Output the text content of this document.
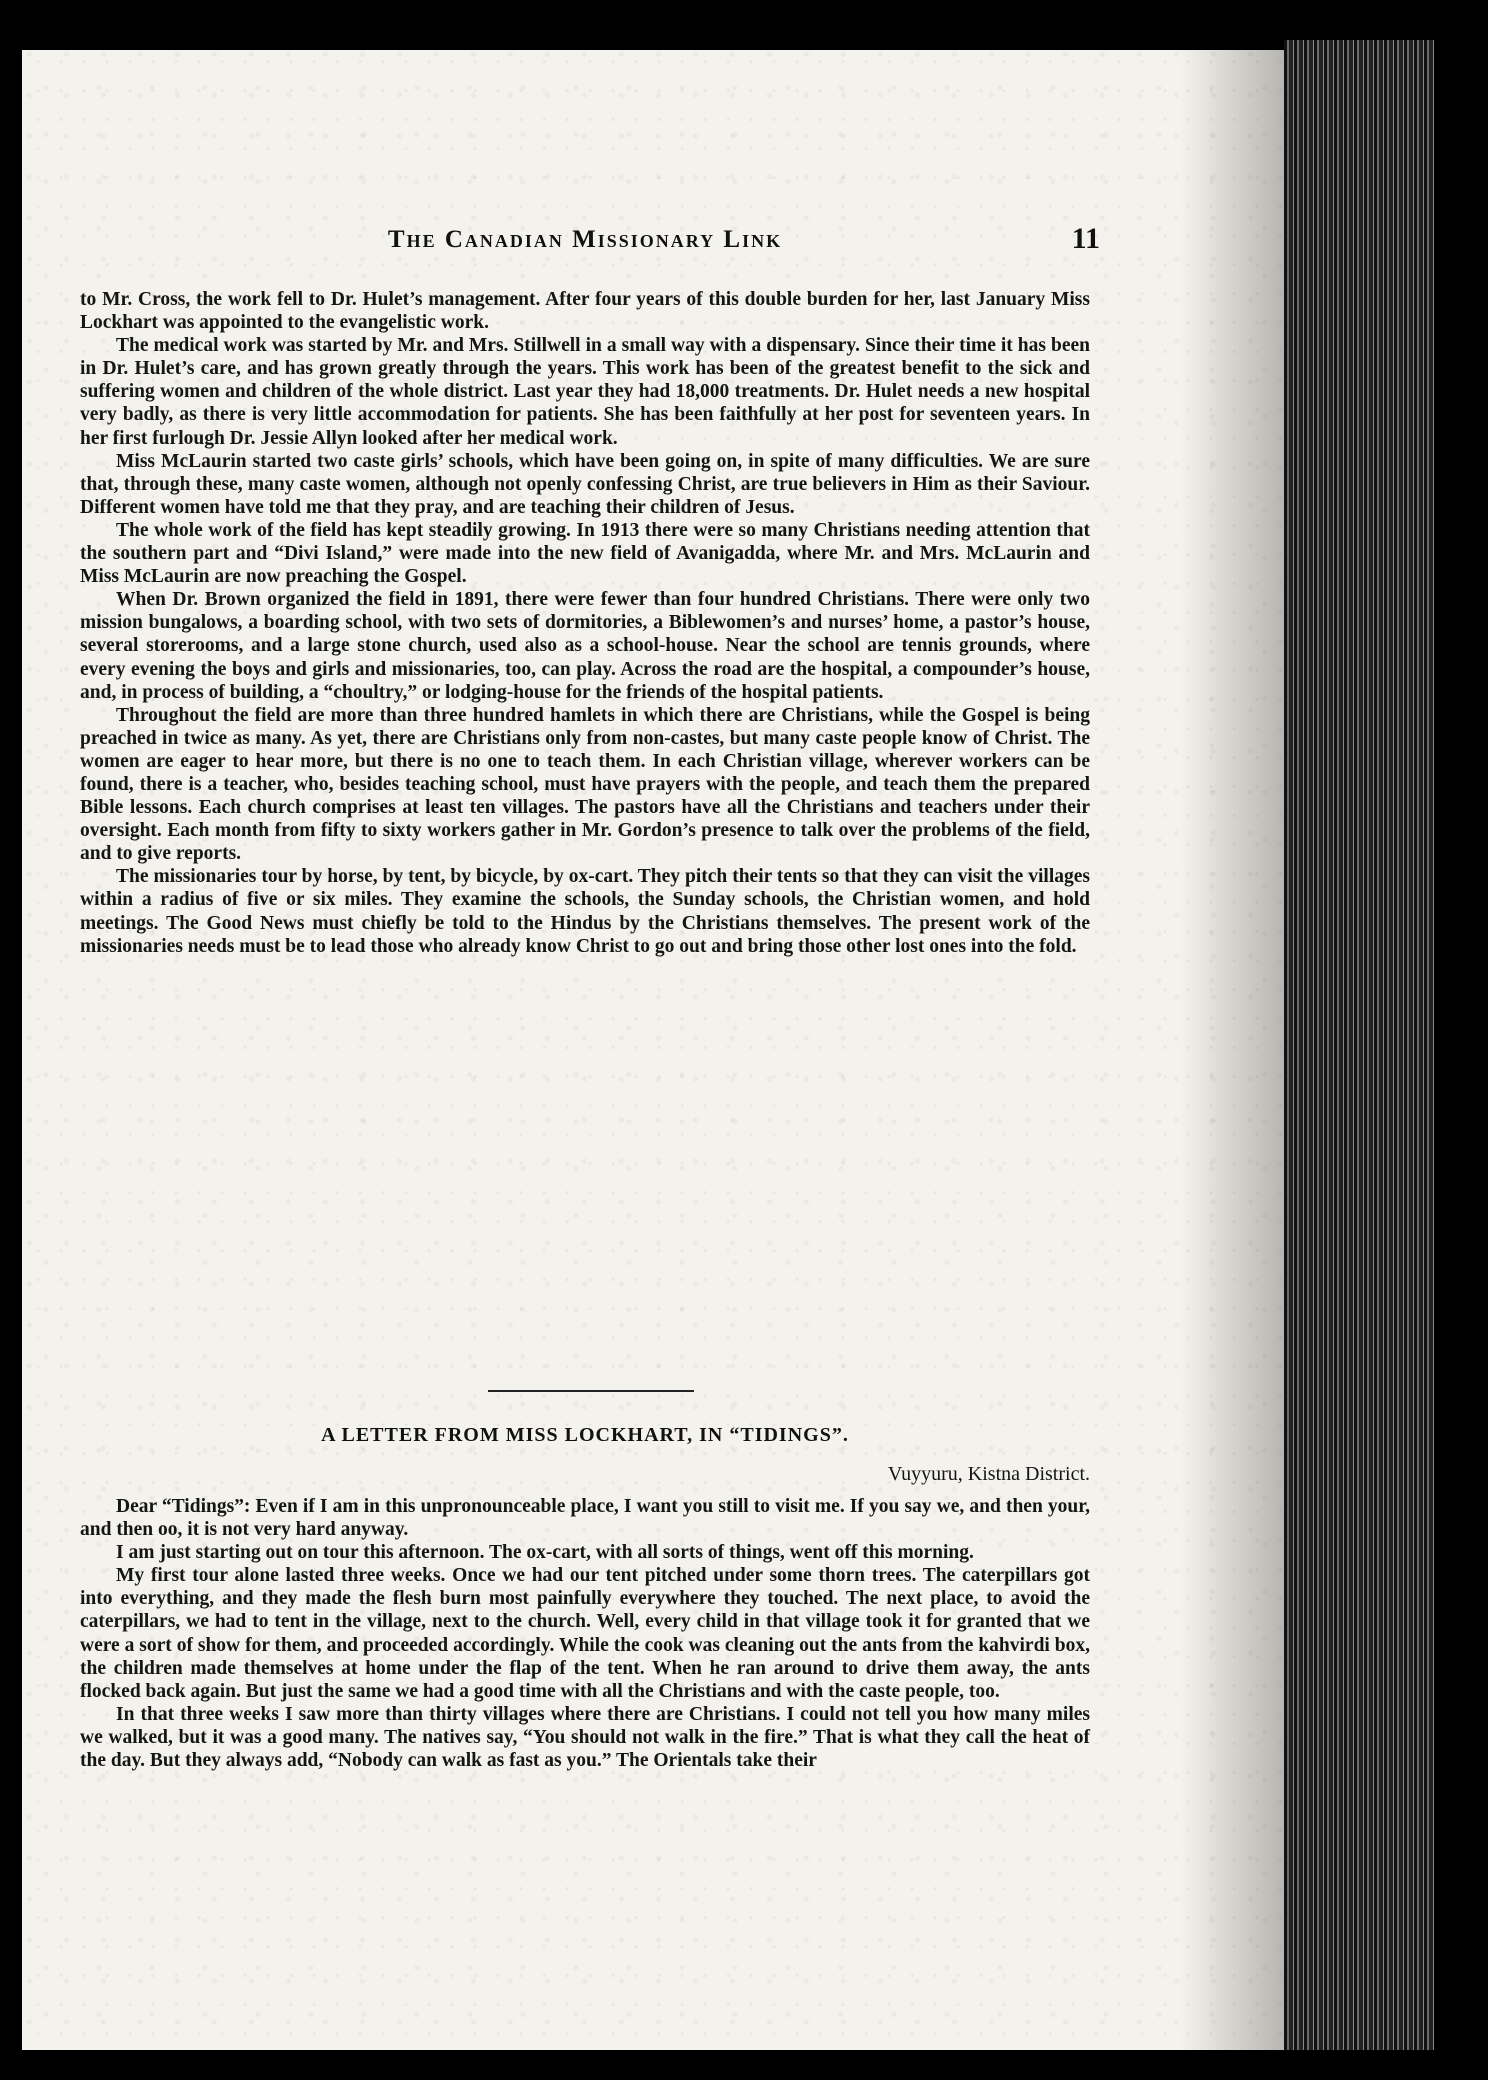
The Canadian Missionary Link	11

to Mr. Cross, the work fell to Dr. Hulet’s management. After four years of this double burden for her, last January Miss Lockhart was appointed to the evangelistic work.

The medical work was started by Mr. and Mrs. Stillwell in a small way with a dispensary. Since their time it has been in Dr. Hulet’s care, and has grown greatly through the years. This work has been of the greatest benefit to the sick and suffering women and children of the whole district. Last year they had 18,000 treatments. Dr. Hulet needs a new hospital very badly, as there is very little accommodation for patients. She has been faithfully at her post for seventeen years. In her first furlough Dr. Jessie Allyn looked after her medical work.

Miss McLaurin started two caste girls’ schools, which have been going on, in spite of many difficulties. We are sure that, through these, many caste women, although not openly confessing Christ, are true believers in Him as their Saviour. Different women have told me that they pray, and are teaching their children of Jesus.

The whole work of the field has kept steadily growing. In 1913 there were so many Christians needing attention that the southern part and “Divi Island,” were made into the new field of Avanigadda, where Mr. and Mrs. McLaurin and Miss McLaurin are now preaching the Gospel.

When Dr. Brown organized the field in 1891, there were fewer than four hundred Christians. There were only two mission bungalows, a boarding school, with two sets of dormitories, a Biblewomen’s and nurses’ home, a pastor’s house, several storerooms, and a large stone church, used also as a school-house. Near the school are tennis grounds, where every evening the boys and girls and missionaries, too, can play. Across the road are the hospital, a compounder’s house, and, in process of building, a “choultry,” or lodging-house for the friends of the hospital patients.

Throughout the field are more than three hundred hamlets in which there are Christians, while the Gospel is being preached in twice as many. As yet, there are Christians only from non-castes, but many caste people know of Christ. The women are eager to hear more, but there is no one to teach them. In each Christian village, wherever workers can be found, there is a teacher, who, besides teaching school, must have prayers with the people, and teach them the prepared Bible lessons. Each church comprises at least ten villages. The pastors have all the Christians and teachers under their oversight. Each month from fifty to sixty workers gather in Mr. Gordon’s presence to talk over the problems of the field, and to give reports.

The missionaries tour by horse, by tent, by bicycle, by ox-cart. They pitch their tents so that they can visit the villages within a radius of five or six miles. They examine the schools, the Sunday schools, the Christian women, and hold meetings. The Good News must chiefly be told to the Hindus by the Christians themselves. The present work of the missionaries needs must be to lead those who already know Christ to go out and bring those other lost ones into the fold.

A LETTER FROM MISS LOCKHART, IN “TIDINGS”.
Vuyyuru, Kistna District.

Dear “Tidings”: Even if I am in this unpronounceable place, I want you still to visit me. If you say we, and then your, and then oo, it is not very hard anyway.

I am just starting out on tour this afternoon. The ox-cart, with all sorts of things, went off this morning.

My first tour alone lasted three weeks. Once we had our tent pitched under some thorn trees. The caterpillars got into everything, and they made the flesh burn most painfully everywhere they touched. The next place, to avoid the caterpillars, we had to tent in the village, next to the church. Well, every child in that village took it for granted that we were a sort of show for them, and proceeded accordingly. While the cook was cleaning out the ants from the kahvirdi box, the children made themselves at home under the flap of the tent. When he ran around to drive them away, the ants flocked back again. But just the same we had a good time with all the Christians and with the caste people, too.

In that three weeks I saw more than thirty villages where there are Christians. I could not tell you how many miles we walked, but it was a good many. The natives say, “You should not walk in the fire.” That is what they call the heat of the day. But they always add, “Nobody can walk as fast as you.” The Orientals take their
